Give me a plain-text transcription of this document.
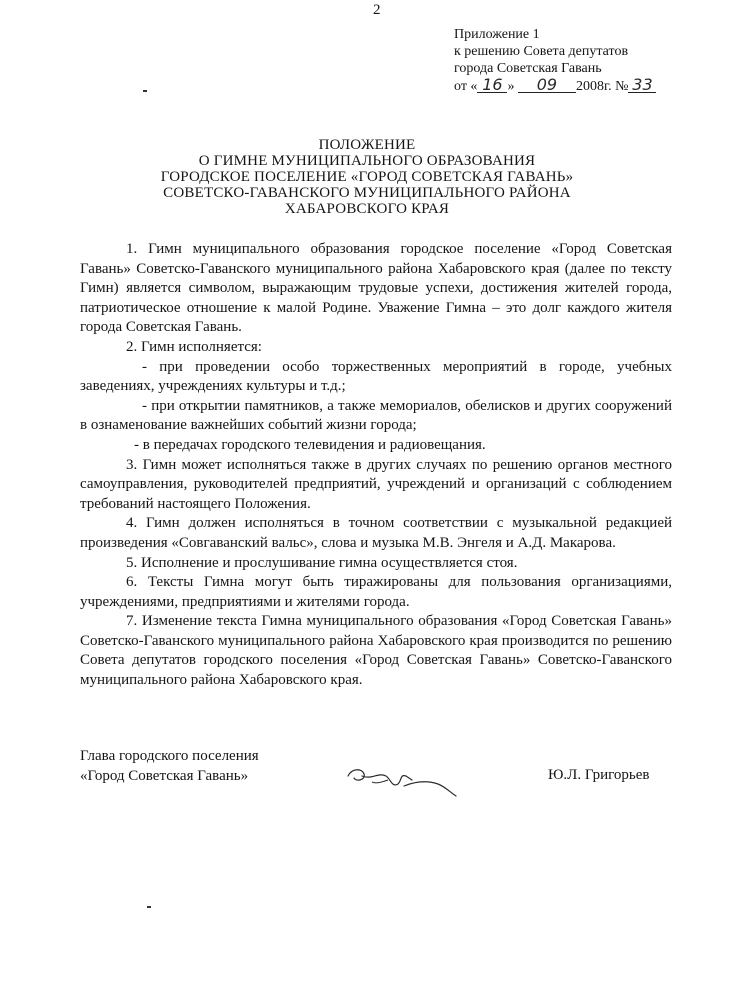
2
Приложение 1
к решению Совета депутатов
города Советская Гавань
от « 16 » 09 2008г. № 33
ПОЛОЖЕНИЕ
О ГИМНЕ МУНИЦИПАЛЬНОГО ОБРАЗОВАНИЯ
ГОРОДСКОЕ ПОСЕЛЕНИЕ «ГОРОД СОВЕТСКАЯ ГАВАНЬ»
СОВЕТСКО-ГАВАНСКОГО МУНИЦИПАЛЬНОГО РАЙОНА
ХАБАРОВСКОГО КРАЯ
1. Гимн муниципального образования городское поселение «Город Советская Гавань» Советско-Гаванского муниципального района Хабаровского края (далее по тексту Гимн) является символом, выражающим трудовые успехи, достижения жителей города, патриотическое отношение к малой Родине. Уважение Гимна – это долг каждого жителя города Советская Гавань.
2. Гимн исполняется:
- при проведении особо торжественных мероприятий в городе, учебных заведениях, учреждениях культуры и т.д.;
- при открытии памятников, а также мемориалов, обелисков и других сооружений в ознаменование важнейших событий жизни города;
- в передачах городского телевидения и радиовещания.
3. Гимн может исполняться также в других случаях по решению органов местного самоуправления, руководителей предприятий, учреждений и организаций с соблюдением требований настоящего Положения.
4. Гимн должен исполняться в точном соответствии с музыкальной редакцией произведения «Совгаванский вальс», слова и музыка М.В. Энгеля и А.Д. Макарова.
5. Исполнение и прослушивание гимна осуществляется стоя.
6. Тексты Гимна могут быть тиражированы для пользования организациями, учреждениями, предприятиями и жителями города.
7. Изменение текста Гимна муниципального образования «Город Советская Гавань» Советско-Гаванского муниципального района Хабаровского края производится по решению Совета депутатов городского поселения «Город Советская Гавань» Советско-Гаванского муниципального района Хабаровского края.
Глава городского поселения
«Город Советская Гавань»	Ю.Л. Григорьев
